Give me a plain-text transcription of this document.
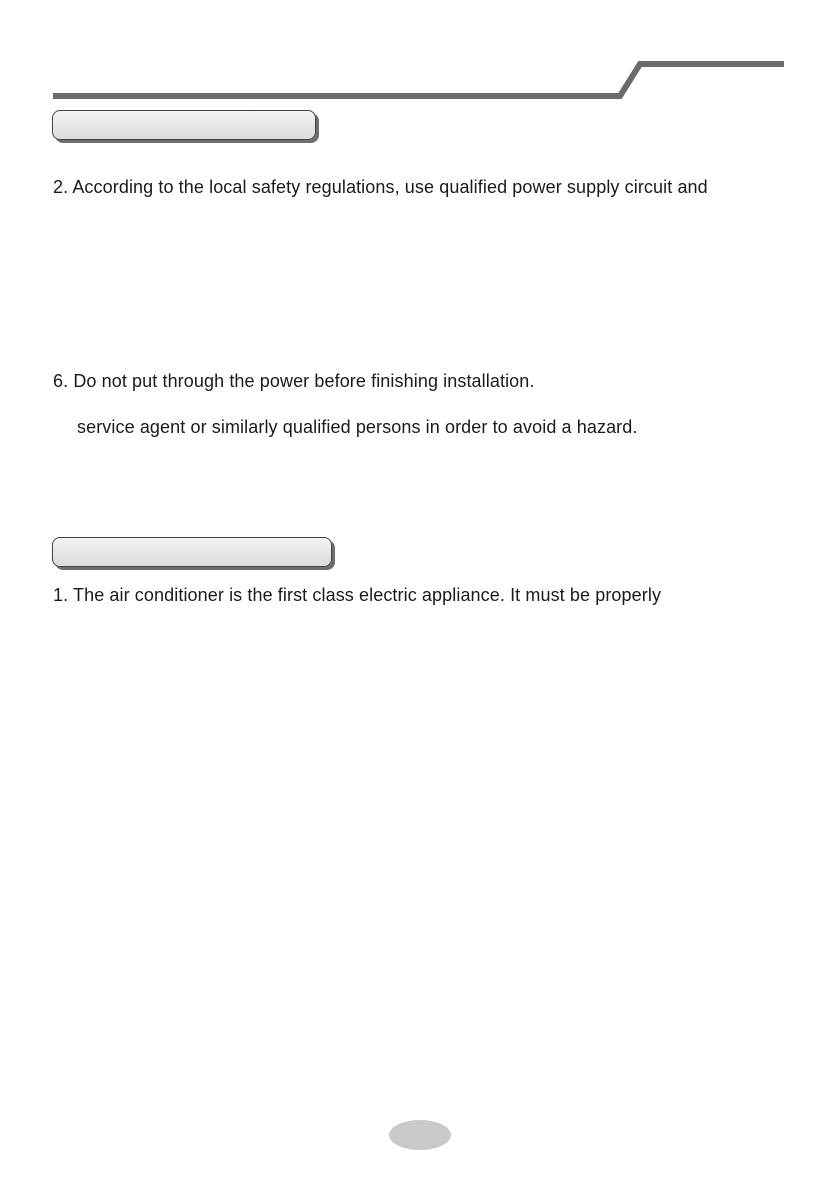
2. According to the local safety regulations, use qualified power supply circuit and
6. Do not put through the power before finishing installation.
service agent or similarly qualified persons in order to avoid a hazard.
1. The air conditioner is the first class electric appliance. It must be properly
